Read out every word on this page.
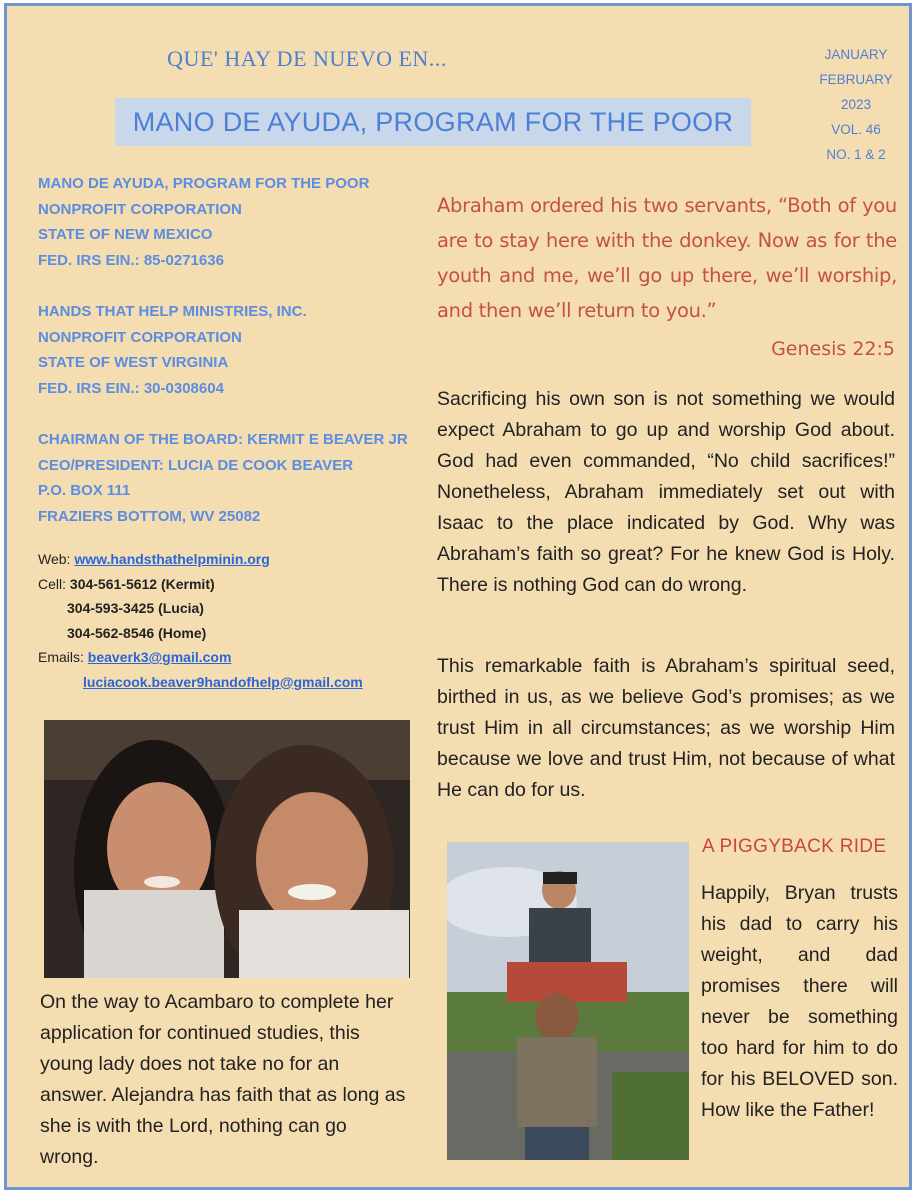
QUE' HAY DE NUEVO EN...
MANO DE AYUDA, PROGRAM FOR THE POOR
JANUARY
FEBRUARY
2023
VOL. 46
NO. 1 & 2
MANO DE AYUDA, PROGRAM FOR THE POOR
NONPROFIT CORPORATION
STATE OF NEW MEXICO
FED. IRS EIN.: 85-0271636
HANDS THAT HELP MINISTRIES, INC.
NONPROFIT CORPORATION
STATE OF WEST VIRGINIA
FED. IRS EIN.: 30-0308604
CHAIRMAN OF THE BOARD: KERMIT E BEAVER JR
CEO/PRESIDENT: LUCIA DE COOK BEAVER
P.O. BOX 111
FRAZIERS BOTTOM, WV 25082
Web: www.handsthathelpminin.org
Cell: 304-561-5612 (Kermit)
304-593-3425 (Lucia)
304-562-8546 (Home)
Emails: beaverk3@gmail.com
luciacook.beaver9handofhelp@gmail.com
On the way to Acambaro to complete her application for continued studies, this young lady does not take no for an answer. Alejandra has faith that as long as she is with the Lord, nothing can go wrong.
Abraham ordered his two servants, “Both of you are to stay here with the donkey. Now as for the youth and me, we’ll go up there, we’ll worship, and then we’ll return to you.”
Genesis 22:5
Sacrificing his own son is not something we would expect Abraham to go up and worship God about. God had even commanded, “No child sacrifices!” Nonetheless, Abraham immediately set out with Isaac to the place indicated by God. Why was Abraham’s faith so great? For he knew God is Holy. There is nothing God can do wrong.
This remarkable faith is Abraham’s spiritual seed, birthed in us, as we believe God’s promises; as we trust Him in all circumstances; as we worship Him because we love and trust Him, not because of what He can do for us.
A PIGGYBACK RIDE
Happily, Bryan trusts his dad to carry his weight, and dad promises there will never be something too hard for him to do for his BELOVED son. How like the Father!
